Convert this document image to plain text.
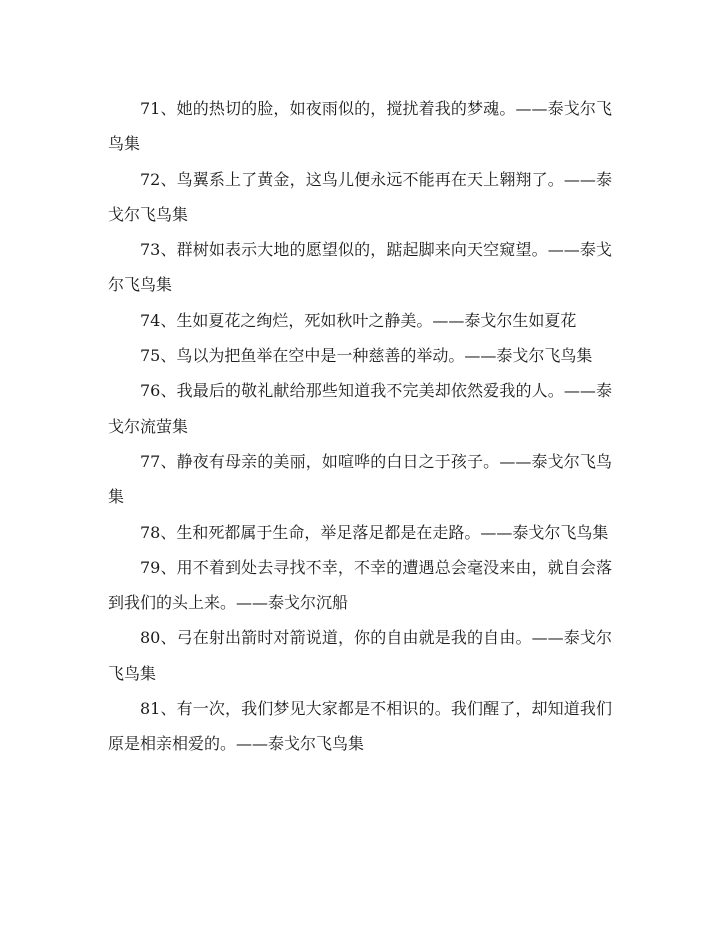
71、她的热切的脸，如夜雨似的，搅扰着我的梦魂。——泰戈尔飞鸟集

72、鸟翼系上了黄金，这鸟儿便永远不能再在天上翱翔了。——泰戈尔飞鸟集

73、群树如表示大地的愿望似的，踮起脚来向天空窥望。——泰戈尔飞鸟集

74、生如夏花之绚烂，死如秋叶之静美。——泰戈尔生如夏花

75、鸟以为把鱼举在空中是一种慈善的举动。——泰戈尔飞鸟集

76、我最后的敬礼献给那些知道我不完美却依然爱我的人。——泰戈尔流萤集

77、静夜有母亲的美丽，如喧哗的白日之于孩子。——泰戈尔飞鸟集

78、生和死都属于生命，举足落足都是在走路。——泰戈尔飞鸟集

79、用不着到处去寻找不幸，不幸的遭遇总会毫没来由，就自会落到我们的头上来。——泰戈尔沉船

80、弓在射出箭时对箭说道，你的自由就是我的自由。——泰戈尔飞鸟集

81、有一次，我们梦见大家都是不相识的。我们醒了，却知道我们原是相亲相爱的。——泰戈尔飞鸟集
